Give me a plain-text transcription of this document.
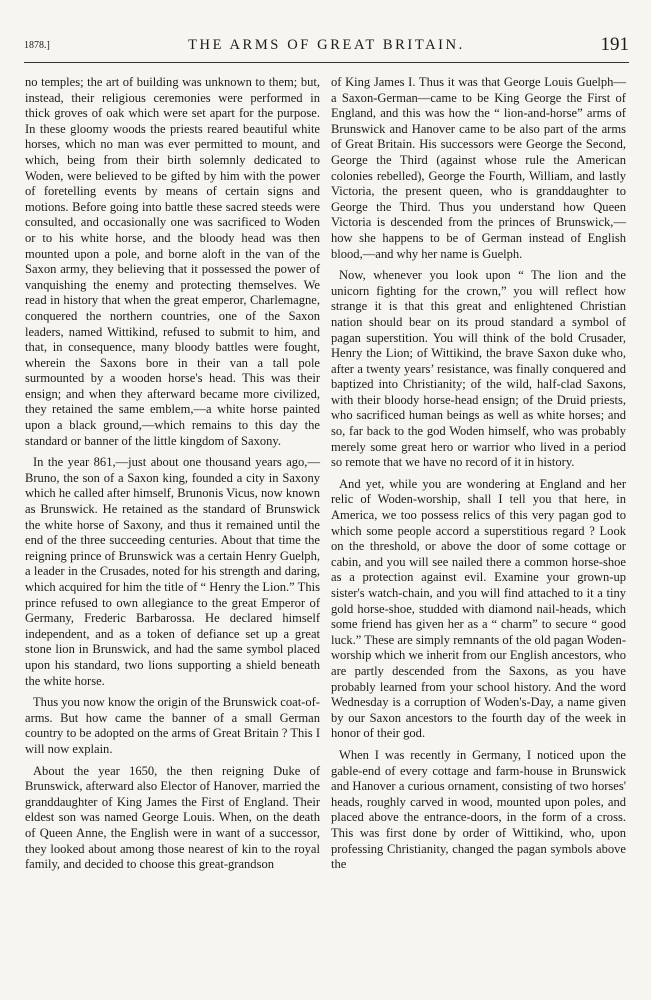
1878.]	THE ARMS OF GREAT BRITAIN.	191

no temples; the art of building was unknown to them; but, instead, their religious ceremonies were performed in thick groves of oak which were set apart for the purpose. In these gloomy woods the priests reared beautiful white horses, which no man was ever permitted to mount, and which, being from their birth solemnly dedicated to Woden, were believed to be gifted by him with the power of foretelling events by means of certain signs and motions. Before going into battle these sacred steeds were consulted, and occasionally one was sacrificed to Woden or to his white horse, and the bloody head was then mounted upon a pole, and borne aloft in the van of the Saxon army, they believing that it possessed the power of vanquishing the enemy and protecting themselves. We read in history that when the great emperor, Charlemagne, conquered the northern countries, one of the Saxon leaders, named Wittikind, refused to submit to him, and that, in consequence, many bloody battles were fought, wherein the Saxons bore in their van a tall pole surmounted by a wooden horse's head. This was their ensign; and when they afterward became more civilized, they retained the same emblem,—a white horse painted upon a black ground,—which remains to this day the standard or banner of the little kingdom of Saxony.

In the year 861,—just about one thousand years ago,—Bruno, the son of a Saxon king, founded a city in Saxony which he called after himself, Brunonis Vicus, now known as Brunswick. He retained as the standard of Brunswick the white horse of Saxony, and thus it remained until the end of the three succeeding centuries. About that time the reigning prince of Brunswick was a certain Henry Guelph, a leader in the Crusades, noted for his strength and daring, which acquired for him the title of “ Henry the Lion.” This prince refused to own allegiance to the great Emperor of Germany, Frederic Barbarossa. He declared himself independent, and as a token of defiance set up a great stone lion in Brunswick, and had the same symbol placed upon his standard, two lions supporting a shield beneath the white horse.

Thus you now know the origin of the Brunswick coat-of-arms. But how came the banner of a small German country to be adopted on the arms of Great Britain ? This I will now explain.

About the year 1650, the then reigning Duke of Brunswick, afterward also Elector of Hanover, married the granddaughter of King James the First of England. Their eldest son was named George Louis. When, on the death of Queen Anne, the English were in want of a successor, they looked about among those nearest of kin to the royal family, and decided to choose this great-grandson

of King James I. Thus it was that George Louis Guelph—a Saxon-German—came to be King George the First of England, and this was how the “ lion-and-horse” arms of Brunswick and Hanover came to be also part of the arms of Great Britain. His successors were George the Second, George the Third (against whose rule the American colonies rebelled), George the Fourth, William, and lastly Victoria, the present queen, who is granddaughter to George the Third. Thus you understand how Queen Victoria is descended from the princes of Brunswick,—how she happens to be of German instead of English blood,—and why her name is Guelph.

Now, whenever you look upon “ The lion and the unicorn fighting for the crown,” you will reflect how strange it is that this great and enlightened Christian nation should bear on its proud standard a symbol of pagan superstition. You will think of the bold Crusader, Henry the Lion; of Wittikind, the brave Saxon duke who, after a twenty years’ resistance, was finally conquered and baptized into Christianity; of the wild, half-clad Saxons, with their bloody horse-head ensign; of the Druid priests, who sacrificed human beings as well as white horses; and so, far back to the god Woden himself, who was probably merely some great hero or warrior who lived in a period so remote that we have no record of it in history.

And yet, while you are wondering at England and her relic of Woden-worship, shall I tell you that here, in America, we too possess relics of this very pagan god to which some people accord a superstitious regard ? Look on the threshold, or above the door of some cottage or cabin, and you will see nailed there a common horse-shoe as a protection against evil. Examine your grown-up sister's watch-chain, and you will find attached to it a tiny gold horse-shoe, studded with diamond nail-heads, which some friend has given her as a “ charm” to secure “ good luck.” These are simply remnants of the old pagan Woden-worship which we inherit from our English ancestors, who are partly descended from the Saxons, as you have probably learned from your school history. And the word Wednesday is a corruption of Woden's-Day, a name given by our Saxon ancestors to the fourth day of the week in honor of their god.

When I was recently in Germany, I noticed upon the gable-end of every cottage and farm-house in Brunswick and Hanover a curious ornament, consisting of two horses' heads, roughly carved in wood, mounted upon poles, and placed above the entrance-doors, in the form of a cross. This was first done by order of Wittikind, who, upon professing Christianity, changed the pagan symbols above the
